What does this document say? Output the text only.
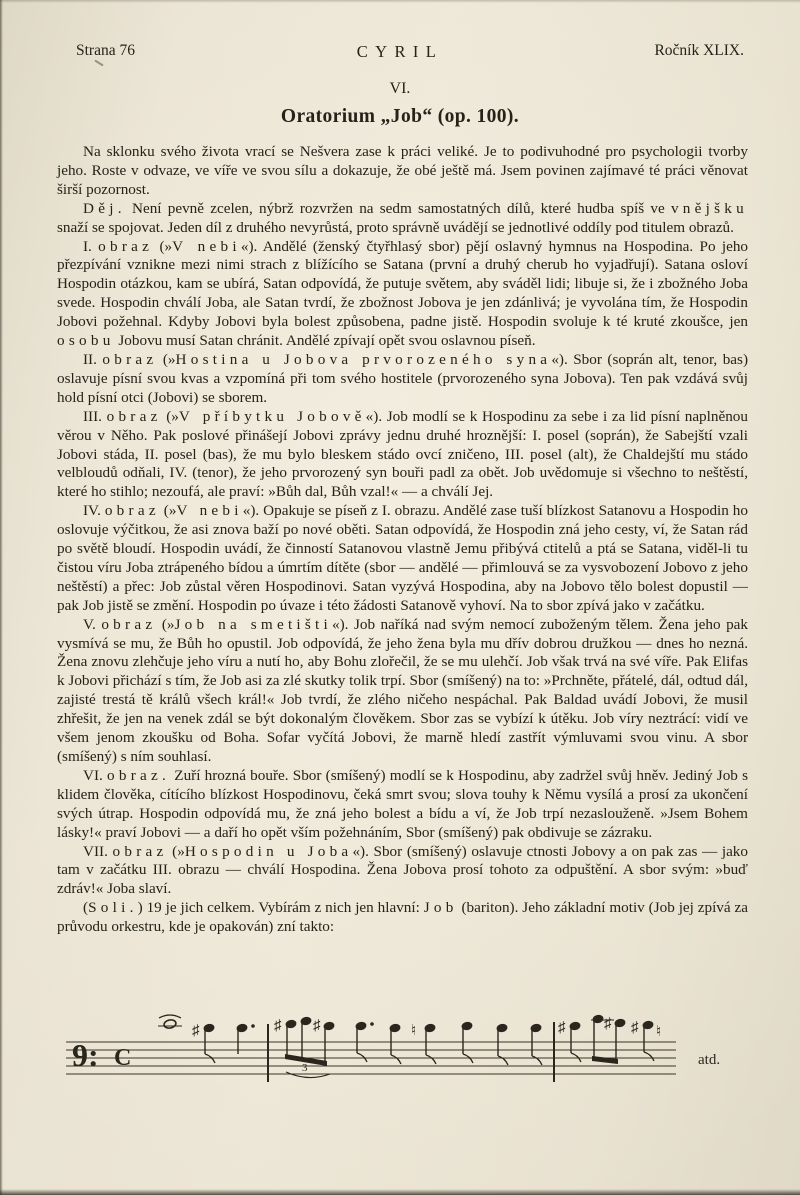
Strana 76	CYRIL	Ročník XLIX.
VI.
Oratorium „Job“ (op. 100).

Na sklonku svého života vrací se Nešvera zase k práci veliké. Je to podivuhodné pro psychologii tvorby jeho. Roste v odvaze, ve víře ve svou sílu a dokazuje, že obé ještě má. Jsem povinen zajímavé té práci věnovat širší pozornost.

Děj. Není pevně zcelen, nýbrž rozvržen na sedm samostatných dílů, které hudba spíš ve vnějšku snaží se spojovat. Jeden díl z druhého nevyrůstá, proto správně uvádějí se jednotlivé oddíly pod titulem obrazů.

I. obraz (»V nebi«). Andělé (ženský čtyřhlasý sbor) pějí oslavný hymnus na Hospodina. Po jeho přezpívání vznikne mezi nimi strach z blížícího se Satana (první a druhý cherub ho vyjadřují). Satana osloví Hospodin otázkou, kam se ubírá, Satan odpovídá, že putuje světem, aby sváděl lidi; libuje si, že i zbožného Joba svede. Hospodin chválí Joba, ale Satan tvrdí, že zbožnost Jobova je jen zdánlivá; je vyvolána tím, že Hospodin Jobovi požehnal. Kdyby Jobovi byla bolest způsobena, padne jistě. Hospodin svoluje k té kruté zkoušce, jen osobu Jobovu musí Satan chránit. Andělé zpívají opět svou oslavnou píseň.

II. obraz (»Hostina u Jobova prvorozeného syna«). Sbor (soprán alt, tenor, bas) oslavuje písní svou kvas a vzpomíná při tom svého hostitele (prvorozeného syna Jobova). Ten pak vzdává svůj hold písní otci (Jobovi) se sborem.

III. obraz (»V příbytku Jobově«). Job modlí se k Hospodinu za sebe i za lid písní naplněnou věrou v Něho. Pak poslové přinášejí Jobovi zprávy jednu druhé hroznější: I. posel (soprán), že Sabejští vzali Jobovi stáda, II. posel (bas), že mu bylo bleskem stádo ovcí zničeno, III. posel (alt), že Chaldejští mu stádo velbloudů odňali, IV. (tenor), že jeho prvorozený syn bouři padl za obět. Job uvědomuje si všechno to neštěstí, které ho stihlo; nezoufá, ale praví: »Bůh dal, Bůh vzal!« — a chválí Jej.

IV. obraz (»V nebi«). Opakuje se píseň z I. obrazu. Andělé zase tuší blízkost Satanovu a Hospodin ho oslovuje výčitkou, že asi znova baží po nové oběti. Satan odpovídá, že Hospodin zná jeho cesty, ví, že Satan rád po světě bloudí. Hospodin uvádí, že činností Satanovou vlastně Jemu přibývá ctitelů a ptá se Satana, viděl-li tu čistou víru Joba ztrápeného bídou a úmrtím dítěte (sbor — andělé — přimlouvá se za vysvobození Jobovo z jeho neštěstí) a přec: Job zůstal věren Hospodinovi. Satan vyzývá Hospodina, aby na Jobovo tělo bolest dopustil — pak Job jistě se změní. Hospodin po úvaze i této žádosti Satanově vyhoví. Na to sbor zpívá jako v začátku.

V. obraz (»Job na smetišti«). Job naříká nad svým nemocí zuboženým tělem. Žena jeho pak vysmívá se mu, že Bůh ho opustil. Job odpovídá, že jeho žena byla mu dřív dobrou družkou — dnes ho nezná. Žena znovu zlehčuje jeho víru a nutí ho, aby Bohu zlořečil, že se mu ulehčí. Job však trvá na své víře. Pak Elifas k Jobovi přichází s tím, že Job asi za zlé skutky tolik trpí. Sbor (smíšený) na to: »Prchněte, přátelé, dál, odtud dál, zajisté trestá tě králů všech král!« Job tvrdí, že zlého ničeho nespáchal. Pak Baldad uvádí Jobovi, že musil zhřešit, že jen na venek zdál se být dokonalým člověkem. Sbor zas se vybízí k útěku. Job víry neztrácí: vidí ve všem jenom zkoušku od Boha. Sofar vyčítá Jobovi, že marně hledí zastřít výmluvami svou vinu. A sbor (smíšený) s ním souhlasí.

VI. obraz. Zuří hrozná bouře. Sbor (smíšený) modlí se k Hospodinu, aby zadržel svůj hněv. Jediný Job s klidem člověka, cítícího blízkost Hospodinovu, čeká smrt svou; slova touhy k Němu vysílá a prosí za ukončení svých útrap. Hospodin odpovídá mu, že zná jeho bolest a bídu a ví, že Job trpí nezaslouženě. »Jsem Bohem lásky!« praví Jobovi — a daří ho opět vším požehnáním, Sbor (smíšený) pak obdivuje se zázraku.

VII. obraz (»Hospodin u Joba«). Sbor (smíšený) oslavuje ctnosti Jobovy a on pak zas — jako tam v začátku III. obrazu — chválí Hospodina. Žena Jobova prosí tohoto za odpuštění. A sbor svým: »buď zdráv!« Joba slaví.

(Soli.) 19 je jich celkem. Vybírám z nich jen hlavní: Job (bariton). Jeho základní motiv (Job jej zpívá za průvodu orkestru, kde je opakován) zní takto:

9: C
♯	♯ ♯
3
♮	♯	♯ ♯ ♮
atd.
